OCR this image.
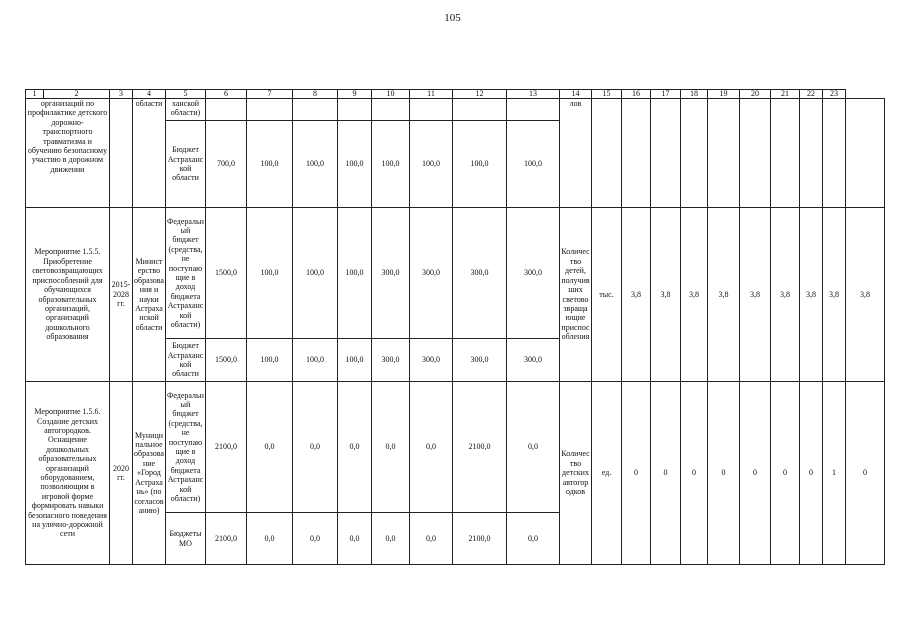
105
1	2	3	4	5	6	7	8	9	10	11	12	13	14	15	16	17	18	19	20	21	22	23	
организаций по профилактике детского дорожно-транспортного травматизма и обучению безопасному участию в дорожном движении			области	ханской области)									лов										
				Бюджет Астраханской области	700,0	100,0	100,0	100,0	100,0	100,0	100,0	100,0											
Мероприятие 1.5.5. Приобретение световозвращающих приспособлений для обучающихся образовательных организаций, организаций дошкольного образования		2015-2028 гг.	Министерство образования и науки Астраханской области	Федеральный бюджет (средства, не поступающие в доход бюджета Астраханской области)	1500,0	100,0	100,0	100,0	300,0	300,0	300,0	300,0	Количество детей, получивших световозвращающие приспособления	тыс.	3,8	3,8	3,8	3,8	3,8	3,8	3,8	3,8	3,8
				Бюджет Астраханской области	1500,0	100,0	100,0	100,0	300,0	300,0	300,0	300,0											
Мероприятие 1.5.6. Создание детских автогородков. Оснащение дошкольных образовательных организаций оборудованием, позволяющим в игровой форме формировать навыки безопасного поведения на улично-дорожной сети		2020 гг.	Муниципальное образование «Город Астрахань» (по согласованию)	Федеральный бюджет (средства, не поступающие в доход бюджета Астраханской области)	2100,0	0,0	0,0	0,0	0,0	0,0	2100,0	0,0	Количество детских автогородков	ед.	0	0	0	0	0	0	0	1	0
				Бюджеты МО	2100,0	0,0	0,0	0,0	0,0	0,0	2100,0	0,0											
